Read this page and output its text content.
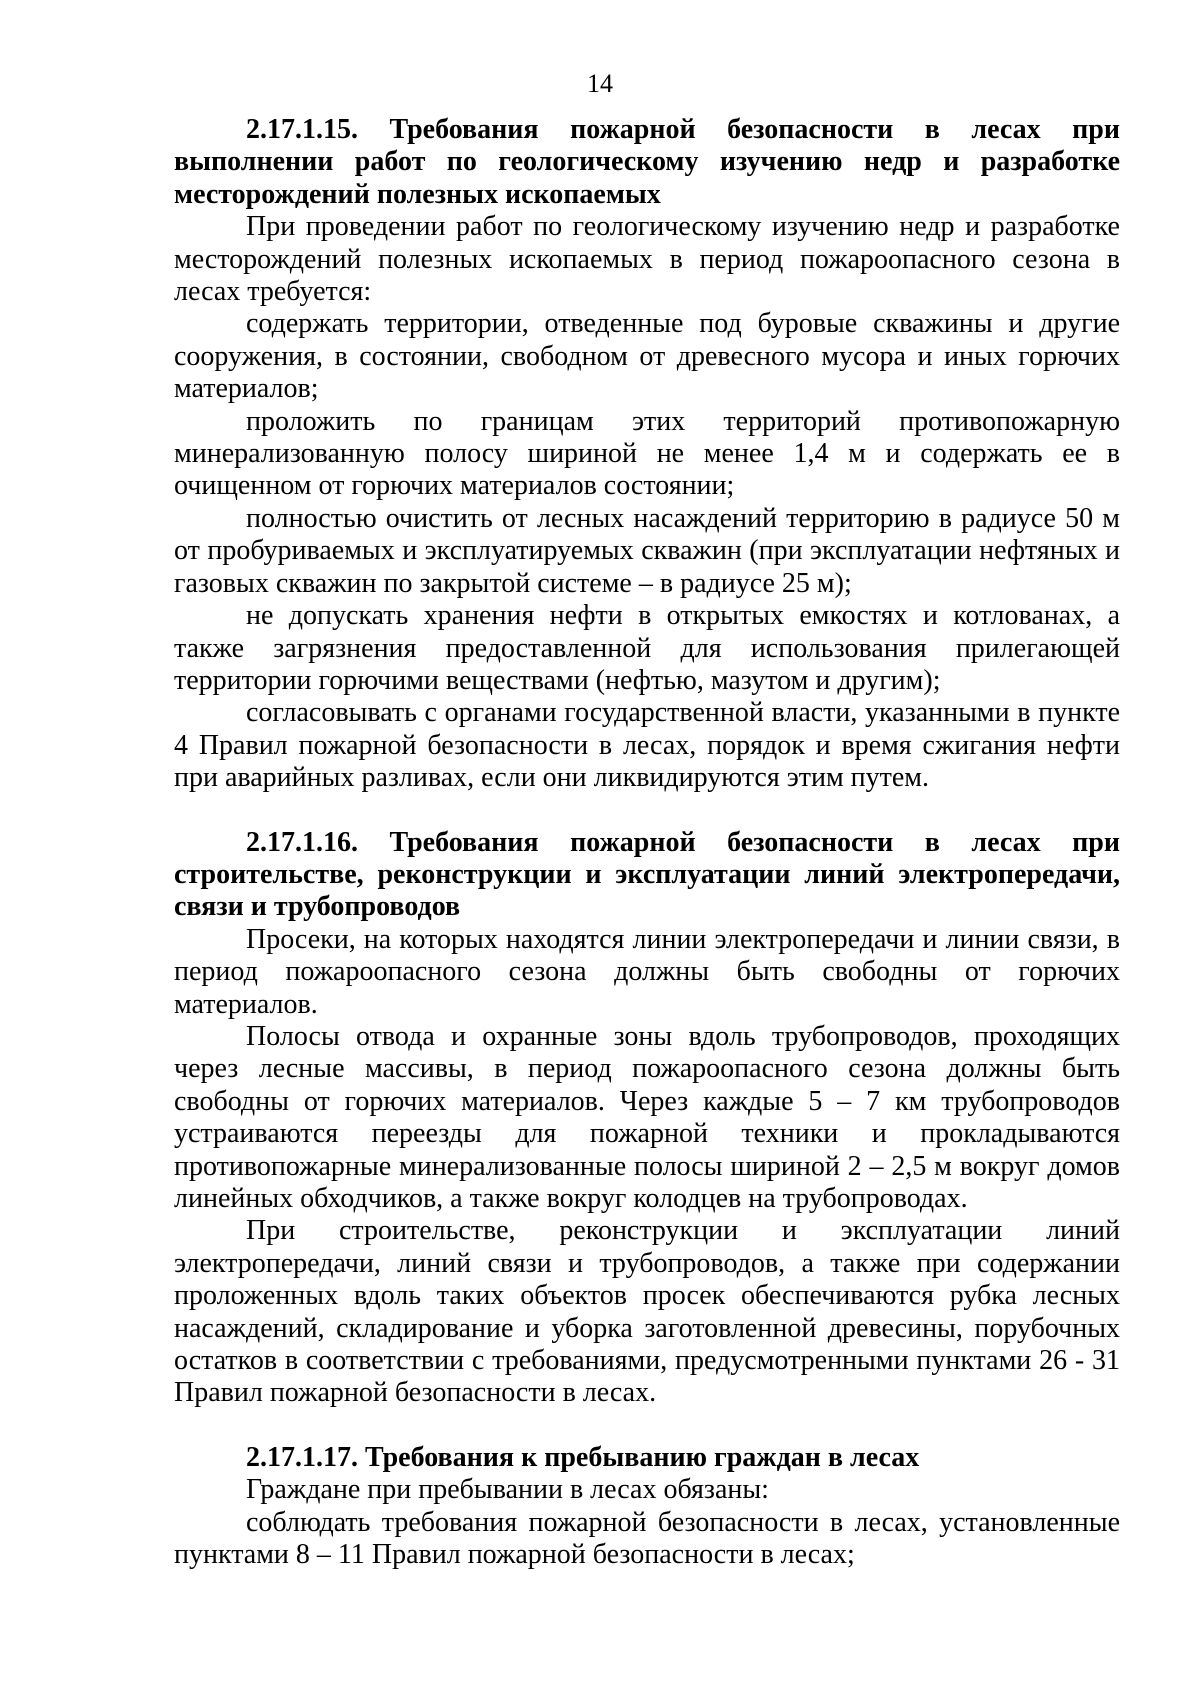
14

2.17.1.15. Требования пожарной безопасности в лесах при выполнении работ по геологическому изучению недр и разработке месторождений полезных ископаемых

При проведении работ по геологическому изучению недр и разработке месторождений полезных ископаемых в период пожароопасного сезона в лесах требуется:

содержать территории, отведенные под буровые скважины и другие сооружения, в состоянии, свободном от древесного мусора и иных горючих материалов;

проложить по границам этих территорий противопожарную минерализованную полосу шириной не менее 1,4 м и содержать ее в очищенном от горючих материалов состоянии;

полностью очистить от лесных насаждений территорию в радиусе 50 м от пробуриваемых и эксплуатируемых скважин (при эксплуатации нефтяных и газовых скважин по закрытой системе – в радиусе 25 м);

не допускать хранения нефти в открытых емкостях и котлованах, а также загрязнения предоставленной для использования прилегающей территории горючими веществами (нефтью, мазутом и другим);

согласовывать с органами государственной власти, указанными в пункте 4 Правил пожарной безопасности в лесах, порядок и время сжигания нефти при аварийных разливах, если они ликвидируются этим путем.

2.17.1.16. Требования пожарной безопасности в лесах при строительстве, реконструкции и эксплуатации линий электропередачи, связи и трубопроводов

Просеки, на которых находятся линии электропередачи и линии связи, в период пожароопасного сезона должны быть свободны от горючих материалов.

Полосы отвода и охранные зоны вдоль трубопроводов, проходящих через лесные массивы, в период пожароопасного сезона должны быть свободны от горючих материалов. Через каждые 5 – 7 км трубопроводов устраиваются переезды для пожарной техники и прокладываются противопожарные минерализованные полосы шириной 2 – 2,5 м вокруг домов линейных обходчиков, а также вокруг колодцев на трубопроводах.

При строительстве, реконструкции и эксплуатации линий электропередачи, линий связи и трубопроводов, а также при содержании проложенных вдоль таких объектов просек обеспечиваются рубка лесных насаждений, складирование и уборка заготовленной древесины, порубочных остатков в соответствии с требованиями, предусмотренными пунктами 26 - 31 Правил пожарной безопасности в лесах.

2.17.1.17. Требования к пребыванию граждан в лесах

Граждане при пребывании в лесах обязаны:

соблюдать требования пожарной безопасности в лесах, установленные пунктами 8 – 11 Правил пожарной безопасности в лесах;
